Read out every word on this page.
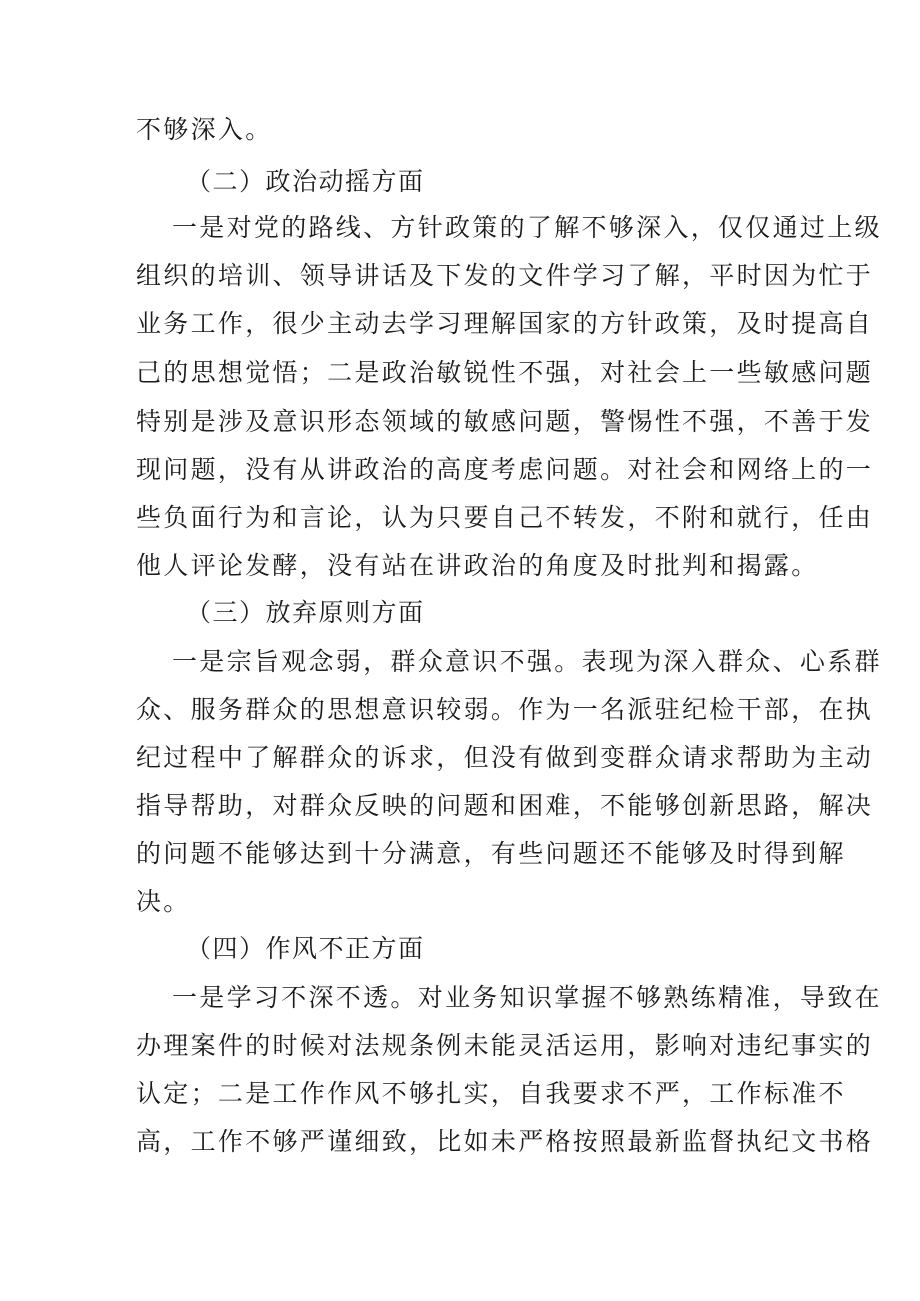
不够深入。
（二）政治动摇方面
一是对党的路线、方针政策的了解不够深入，仅仅通过上级
组织的培训、领导讲话及下发的文件学习了解，平时因为忙于
业务工作，很少主动去学习理解国家的方针政策，及时提高自
己的思想觉悟；二是政治敏锐性不强，对社会上一些敏感问题
特别是涉及意识形态领域的敏感问题，警惕性不强，不善于发
现问题，没有从讲政治的高度考虑问题。对社会和网络上的一
些负面行为和言论，认为只要自己不转发，不附和就行，任由
他人评论发酵，没有站在讲政治的角度及时批判和揭露。
（三）放弃原则方面
一是宗旨观念弱，群众意识不强。表现为深入群众、心系群
众、服务群众的思想意识较弱。作为一名派驻纪检干部，在执
纪过程中了解群众的诉求，但没有做到变群众请求帮助为主动
指导帮助，对群众反映的问题和困难，不能够创新思路，解决
的问题不能够达到十分满意，有些问题还不能够及时得到解
决。
（四）作风不正方面
一是学习不深不透。对业务知识掌握不够熟练精准，导致在
办理案件的时候对法规条例未能灵活运用，影响对违纪事实的
认定；二是工作作风不够扎实，自我要求不严，工作标准不
高，工作不够严谨细致，比如未严格按照最新监督执纪文书格
